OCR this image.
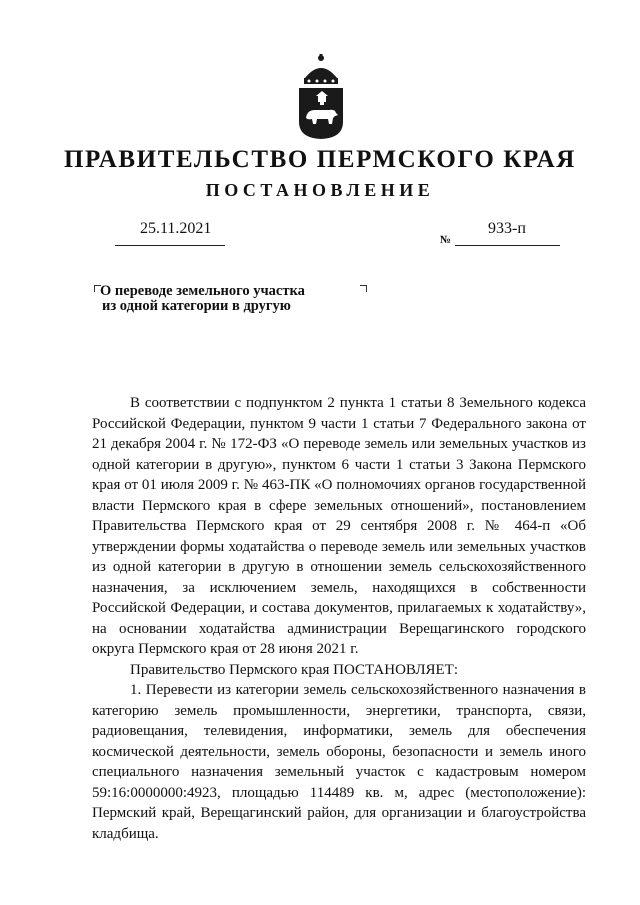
ПРАВИТЕЛЬСТВО ПЕРМСКОГО КРАЯ
ПОСТАНОВЛЕНИЕ
25.11.2021
№
933-п
О переводе земельного участка
из одной категории в другую

В соответствии с подпунктом 2 пункта 1 статьи 8 Земельного кодекса Российской Федерации, пунктом 9 части 1 статьи 7 Федерального закона от 21 декабря 2004 г. № 172-ФЗ «О переводе земель или земельных участков из одной категории в другую», пунктом 6 части 1 статьи 3 Закона Пермского края от 01 июля 2009 г. № 463-ПК «О полномочиях органов государственной власти Пермского края в сфере земельных отношений», постановлением Правительства Пермского края от 29 сентября 2008 г. № 464-п «Об утверждении формы ходатайства о переводе земель или земельных участков из одной категории в другую в отношении земель сельскохозяйственного назначения, за исключением земель, находящихся в собственности Российской Федерации, и состава документов, прилагаемых к ходатайству», на основании ходатайства администрации Верещагинского городского округа Пермского края от 28 июня 2021 г.

Правительство Пермского края ПОСТАНОВЛЯЕТ:

1. Перевести из категории земель сельскохозяйственного назначения в категорию земель промышленности, энергетики, транспорта, связи, радиовещания, телевидения, информатики, земель для обеспечения космической деятельности, земель обороны, безопасности и земель иного специального назначения земельный участок с кадастровым номером 59:16:0000000:4923, площадью 114489 кв. м, адрес (местоположение): Пермский край, Верещагинский район, для организации и благоустройства кладбища.
